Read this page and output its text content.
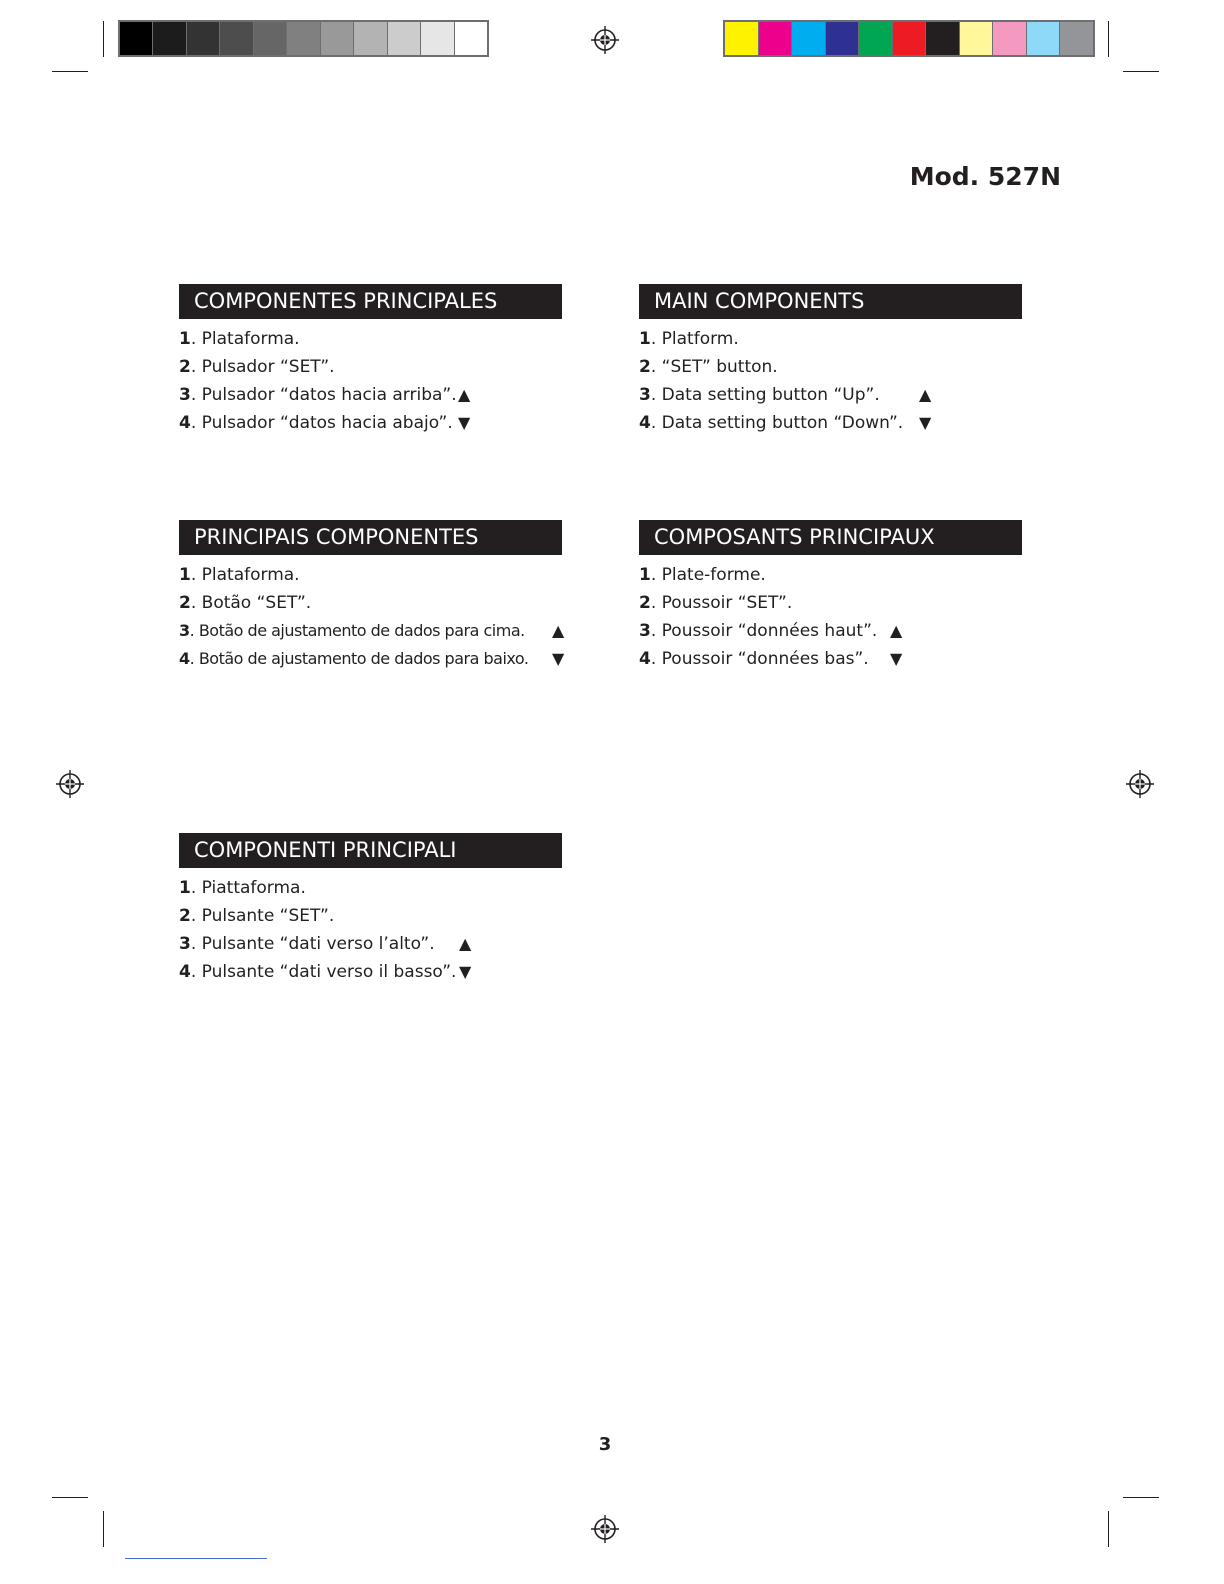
Mod. 527N
COMPONENTES PRINCIPALES
1. Plataforma.
2. Pulsador “SET”.
3. Pulsador “datos hacia arriba”. ▲
4. Pulsador “datos hacia abajo”. ▼
MAIN COMPONENTS
1. Platform.
2. “SET” button.
3. Data setting button “Up”. ▲
4. Data setting button “Down”. ▼
PRINCIPAIS COMPONENTES
1. Plataforma.
2. Botão “SET”.
3. Botão de ajustamento de dados para cima. ▲
4. Botão de ajustamento de dados para baixo. ▼
COMPOSANTS PRINCIPAUX
1. Plate-forme.
2. Poussoir “SET”.
3. Poussoir “données haut”. ▲
4. Poussoir “données bas”. ▼
COMPONENTI PRINCIPALI
1. Piattaforma.
2. Pulsante “SET”.
3. Pulsante “dati verso l’alto”. ▲
4. Pulsante “dati verso il basso”. ▼
3
